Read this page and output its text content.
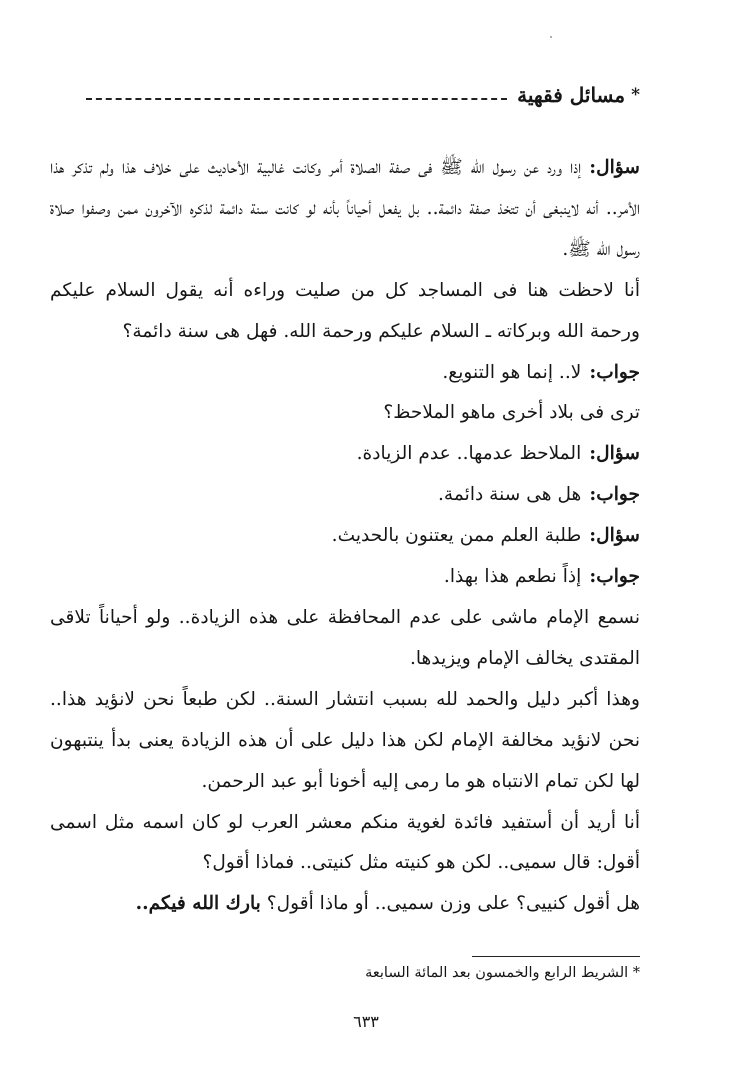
*
مسائل فقهية

سؤال:إذا ورد عن رسول الله ﷺ فى صفة الصلاة أمر وكانت غالبية الأحاديث على خلاف هذا ولم تذكر هذا الأمر.. أنه لاينبغى أن تتخذ صفة دائمة.. بل يفعل أحياناً بأنه لو كانت سنة دائمة لذكره الآخرون ممن وصفوا صلاة رسول الله ﷺ.

أنا لاحظت هنا فى المساجد كل من صليت وراءه أنه يقول السلام عليكم ورحمة الله وبركاته ـ السلام عليكم ورحمة الله. فهل هى سنة دائمة؟

جواب:لا.. إنما هو التنويع.

ترى فى بلاد أخرى ماهو الملاحظ؟

سؤال:الملاحظ عدمها.. عدم الزيادة.

جواب:هل هى سنة دائمة.

سؤال:طلبة العلم ممن يعتنون بالحديث.

جواب:إذاً نطعم هذا بهذا.

نسمع الإمام ماشى على عدم المحافظة على هذه الزيادة.. ولو أحياناً تلاقى المقتدى يخالف الإمام ويزيدها.

وهذا أكبر دليل والحمد لله بسبب انتشار السنة.. لكن طبعاً نحن لانؤيد هذا.. نحن لانؤيد مخالفة الإمام لكن هذا دليل على أن هذه الزيادة يعنى بدأ ينتبهون لها لكن تمام الانتباه هو ما رمى إليه أخونا أبو عبد الرحمن.

أنا أريد أن أستفيد فائدة لغوية منكم معشر العرب لو كان اسمه مثل اسمى أقول: قال سميى.. لكن هو كنيته مثل كنيتى.. فماذا أقول؟

هل أقول كنييى؟ على وزن سميى.. أو ماذا أقول؟ بارك الله فيكم..

* الشريط الرابع والخمسون بعد المائة السابعة
٦٣٣
